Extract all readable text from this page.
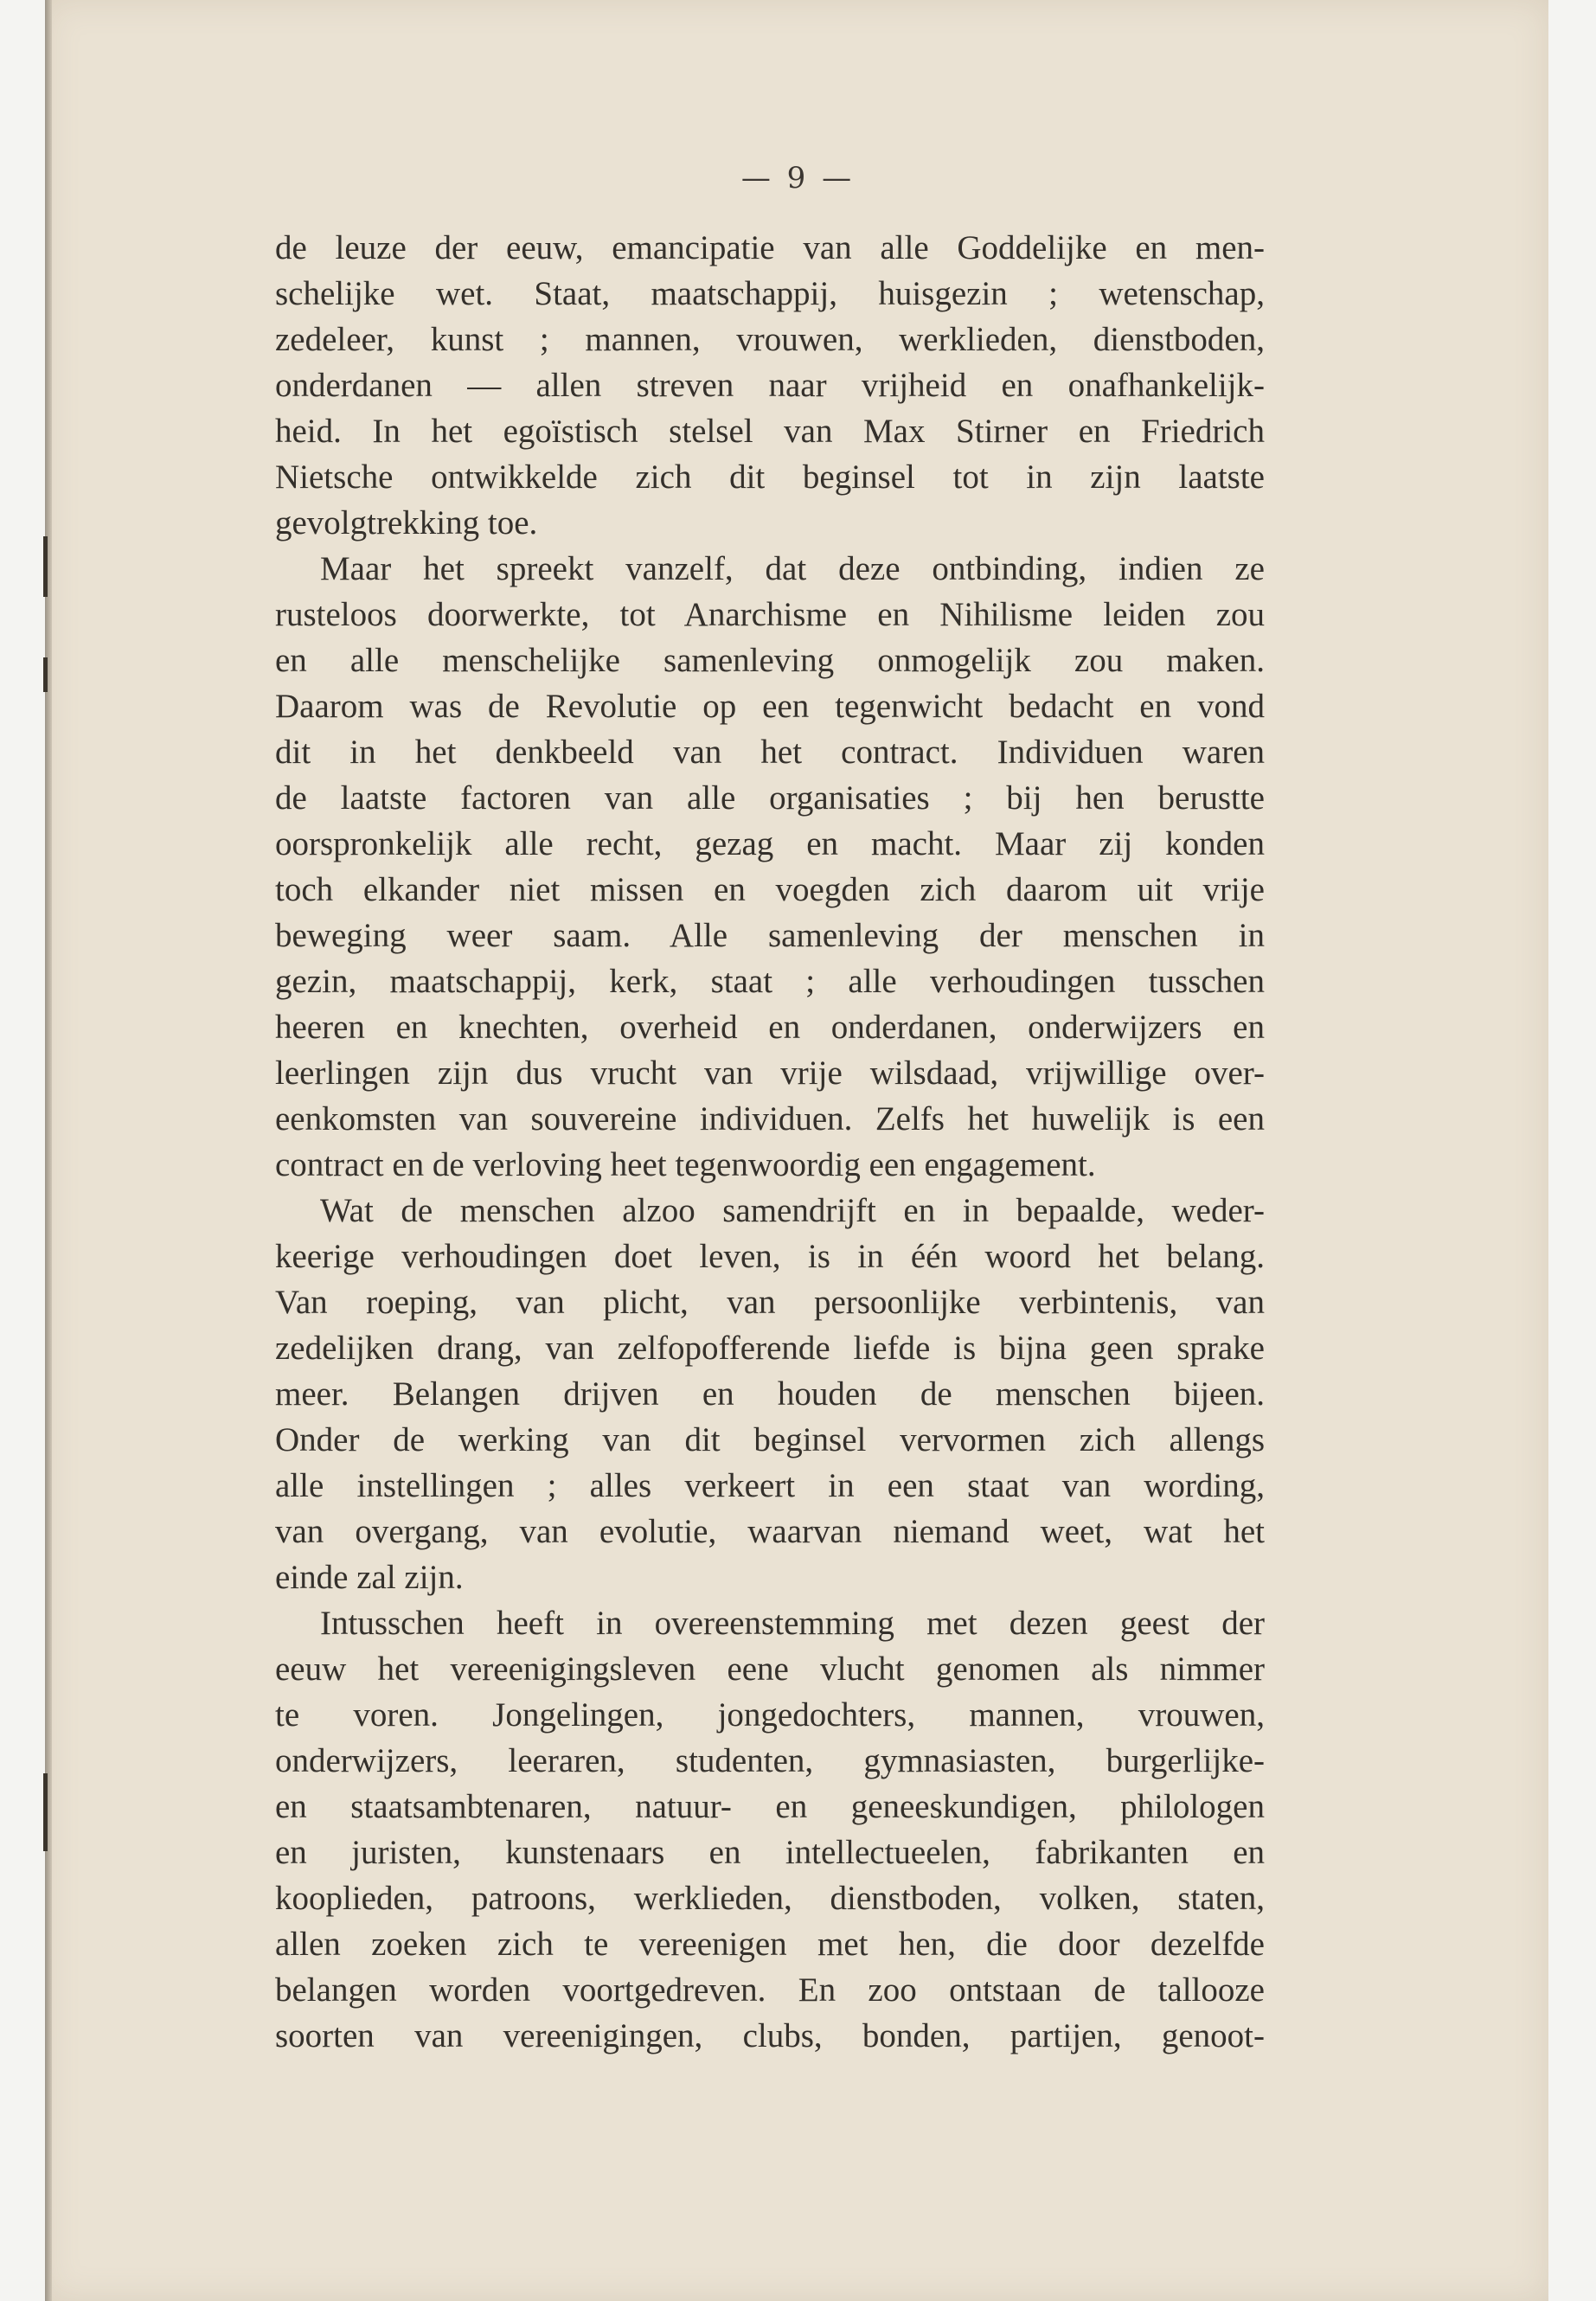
— 9 —
de leuze der eeuw, emancipatie van alle Goddelijke en men-
schelijke wet. Staat, maatschappij, huisgezin ; wetenschap,
zedeleer, kunst ; mannen, vrouwen, werklieden, dienstboden,
onderdanen — allen streven naar vrijheid en onafhankelijk-
heid. In het egoïstisch stelsel van Max Stirner en Friedrich
Nietsche ontwikkelde zich dit beginsel tot in zijn laatste
gevolgtrekking toe.
Maar het spreekt vanzelf, dat deze ontbinding, indien ze
rusteloos doorwerkte, tot Anarchisme en Nihilisme leiden zou
en alle menschelijke samenleving onmogelijk zou maken.
Daarom was de Revolutie op een tegenwicht bedacht en vond
dit in het denkbeeld van het contract. Individuen waren
de laatste factoren van alle organisaties ; bij hen berustte
oorspronkelijk alle recht, gezag en macht. Maar zij konden
toch elkander niet missen en voegden zich daarom uit vrije
beweging weer saam. Alle samenleving der menschen in
gezin, maatschappij, kerk, staat ; alle verhoudingen tusschen
heeren en knechten, overheid en onderdanen, onderwijzers en
leerlingen zijn dus vrucht van vrije wilsdaad, vrijwillige over-
eenkomsten van souvereine individuen. Zelfs het huwelijk is een
contract en de verloving heet tegenwoordig een engagement.
Wat de menschen alzoo samendrijft en in bepaalde, weder-
keerige verhoudingen doet leven, is in één woord het belang.
Van roeping, van plicht, van persoonlijke verbintenis, van
zedelijken drang, van zelfopofferende liefde is bijna geen sprake
meer. Belangen drijven en houden de menschen bijeen.
Onder de werking van dit beginsel vervormen zich allengs
alle instellingen ; alles verkeert in een staat van wording,
van overgang, van evolutie, waarvan niemand weet, wat het
einde zal zijn.
Intusschen heeft in overeenstemming met dezen geest der
eeuw het vereenigingsleven eene vlucht genomen als nimmer
te voren. Jongelingen, jongedochters, mannen, vrouwen,
onderwijzers, leeraren, studenten, gymnasiasten, burgerlijke-
en staatsambtenaren, natuur- en geneeskundigen, philologen
en juristen, kunstenaars en intellectueelen, fabrikanten en
kooplieden, patroons, werklieden, dienstboden, volken, staten,
allen zoeken zich te vereenigen met hen, die door dezelfde
belangen worden voortgedreven. En zoo ontstaan de tallooze
soorten van vereenigingen, clubs, bonden, partijen, genoot-
